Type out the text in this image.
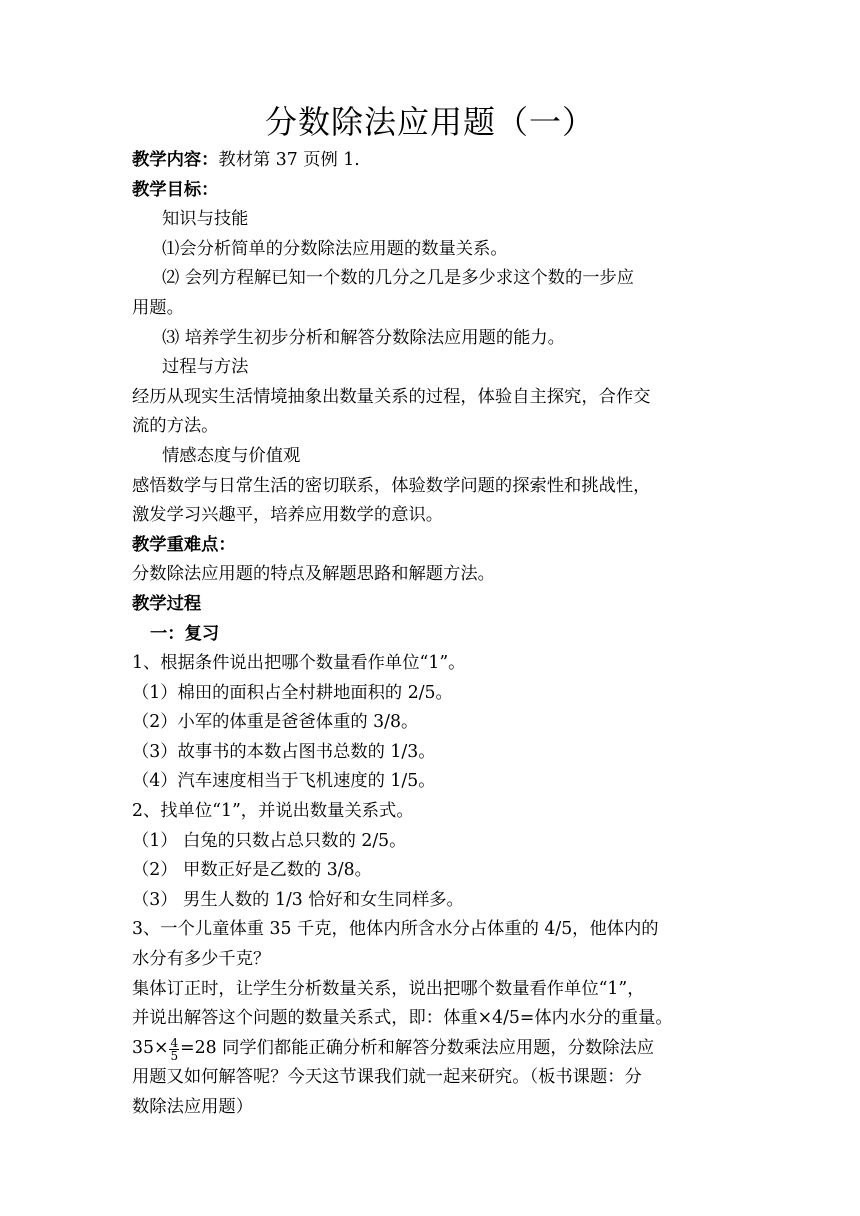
分数除法应用题（一）

教学内容：教材第 37 页例 1.

教学目标：

知识与技能

⑴会分析简单的分数除法应用题的数量关系。

⑵ 会列方程解已知一个数的几分之几是多少求这个数的一步应

用题。

⑶ 培养学生初步分析和解答分数除法应用题的能力。

过程与方法

经历从现实生活情境抽象出数量关系的过程，体验自主探究，合作交

流的方法。

情感态度与价值观

感悟数学与日常生活的密切联系，体验数学问题的探索性和挑战性，

激发学习兴趣平，培养应用数学的意识。

教学重难点：

分数除法应用题的特点及解题思路和解题方法。

教学过程

一：复习

1、根据条件说出把哪个数量看作单位“1”。

（1）棉田的面积占全村耕地面积的 2/5。

（2）小军的体重是爸爸体重的 3/8。

（3）故事书的本数占图书总数的 1/3。

（4）汽车速度相当于飞机速度的 1/5。

2、找单位“1”，并说出数量关系式。

（1） 白兔的只数占总只数的 2/5。

（2） 甲数正好是乙数的 3/8。

（3） 男生人数的 1/3 恰好和女生同样多。

3、一个儿童体重 35 千克，他体内所含水分占体重的 4/5，他体内的

水分有多少千克？

集体订正时，让学生分析数量关系，说出把哪个数量看作单位“1”，

并说出解答这个问题的数量关系式，即：体重×4/5=体内水分的重量。

$35\times \frac{4}{5} =28$ 同学们都能正确分析和解答分数乘法应用题，分数除法应

用题又如何解答呢？今天这节课我们就一起来研究。（板书课题：分

数除法应用题）
